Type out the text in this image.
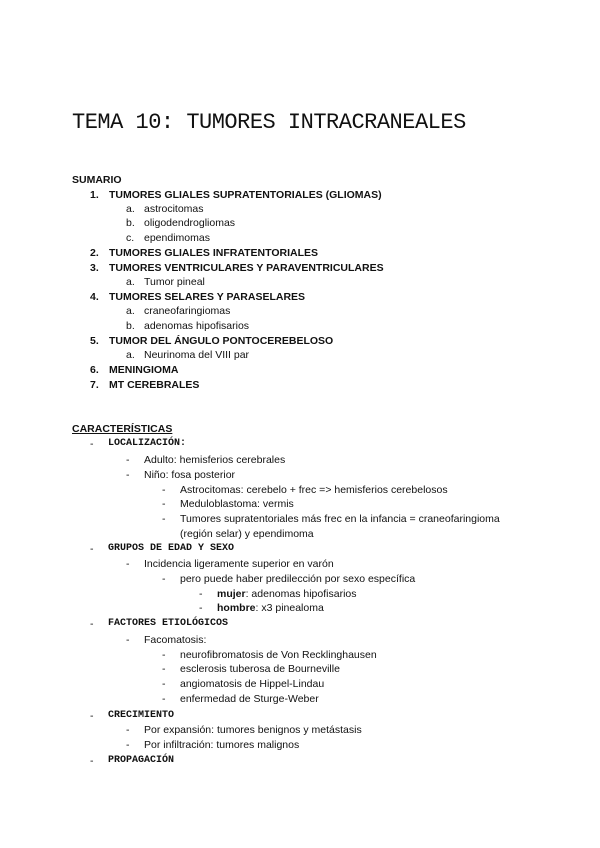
TEMA 10: TUMORES INTRACRANEALES
SUMARIO
1. TUMORES GLIALES SUPRATENTORIALES (GLIOMAS)
a. astrocitomas
b. oligodendrogliomas
c. ependimomas
2. TUMORES GLIALES INFRATENTORIALES
3. TUMORES VENTRICULARES Y PARAVENTRICULARES
a. Tumor pineal
4. TUMORES SELARES Y PARASELARES
a. craneofaringiomas
b. adenomas hipofisarios
5. TUMOR DEL ÁNGULO PONTOCEREBELOSO
a. Neurinoma del VIII par
6. MENINGIOMA
7. MT CEREBRALES
CARACTERÍSTICAS
- LOCALIZACIÓN:
- Adulto: hemisferios cerebrales
- Niño: fosa posterior
- Astrocitomas: cerebelo + frec => hemisferios cerebelosos
- Meduloblastoma: vermis
- Tumores supratentoriales más frec en la infancia = craneofaringioma
(región selar) y ependimoma
- GRUPOS DE EDAD Y SEXO
- Incidencia ligeramente superior en varón
- pero puede haber predilección por sexo específica
- mujer: adenomas hipofisarios
- hombre: x3 pinealoma
- FACTORES ETIOLÓGICOS
- Facomatosis:
- neurofibromatosis de Von Recklinghausen
- esclerosis tuberosa de Bourneville
- angiomatosis de Hippel-Lindau
- enfermedad de Sturge-Weber
- CRECIMIENTO
- Por expansión: tumores benignos y metástasis
- Por infiltración: tumores malignos
- PROPAGACIÓN
